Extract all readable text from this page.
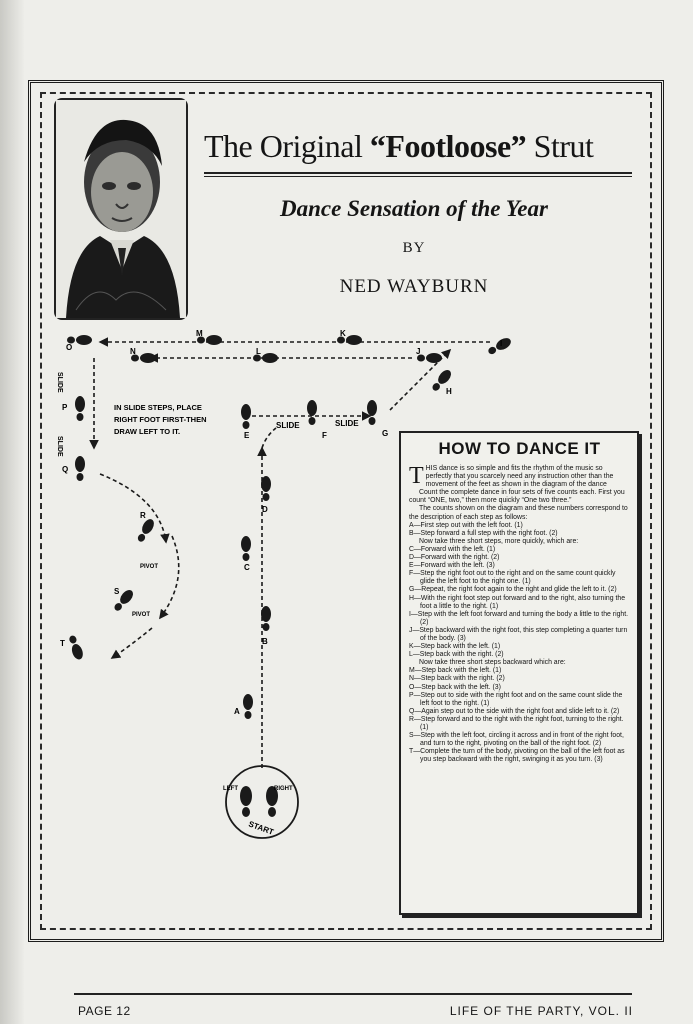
The Original “Footloose” Strut
Dance Sensation of the Year
BY
NED WAYBURN
A
B
C
D
E	F	G
H
I
J
K
L
M
N
O
P
Q
R
S
T
START
LEFT	RIGHT
IN SLIDE STEPS, PLACE
RIGHT FOOT FIRST-THEN
DRAW LEFT TO IT.
SLIDE	SLIDE
SLIDE
SLIDE
PIVOT
PIVOT
HOW TO DANCE IT

THIS dance is so simple and fits the rhythm of the music so perfectly that you scarcely need any instruction other than the movement of the feet as shown in the diagram of the dance

Count the complete dance in four sets of five counts each. First you count “ONE, two,” then more quickly “One two three.”

The counts shown on the diagram and these numbers correspond to the description of each step as follows:

A—First step out with the left foot. (1)

B—Step forward a full step with the right foot. (2)

Now take three short steps, more quickly, which are:

C—Forward with the left. (1)

D—Forward with the right. (2)

E—Forward with the left. (3)

F—Step the right foot out to the right and on the same count quickly glide the left foot to the right one. (1)

G—Repeat, the right foot again to the right and glide the left to it. (2)

H—With the right foot step out forward and to the right, also turning the foot a little to the right. (1)

I—Step with the left foot forward and turning the body a little to the right. (2)

J—Step backward with the right foot, this step completing a quarter turn of the body. (3)

K—Step back with the left. (1)

L—Step back with the right. (2)

Now take three short steps backward which are:

M—Step back with the left. (1)

N—Step back with the right. (2)

O—Step back with the left. (3)

P—Step out to side with the right foot and on the same count slide the left foot to the right. (1)

Q—Again step out to the side with the right foot and slide left to it. (2)

R—Step forward and to the right with the right foot, turning to the right. (1)

S—Step with the left foot, circling it across and in front of the right foot, and turn to the right, pivoting on the ball of the right foot. (2)

T—Complete the turn of the body, pivoting on the ball of the left foot as you step backward with the right, swinging it as you turn. (3)

PAGE 12	LIFE OF THE PARTY, VOL. II
